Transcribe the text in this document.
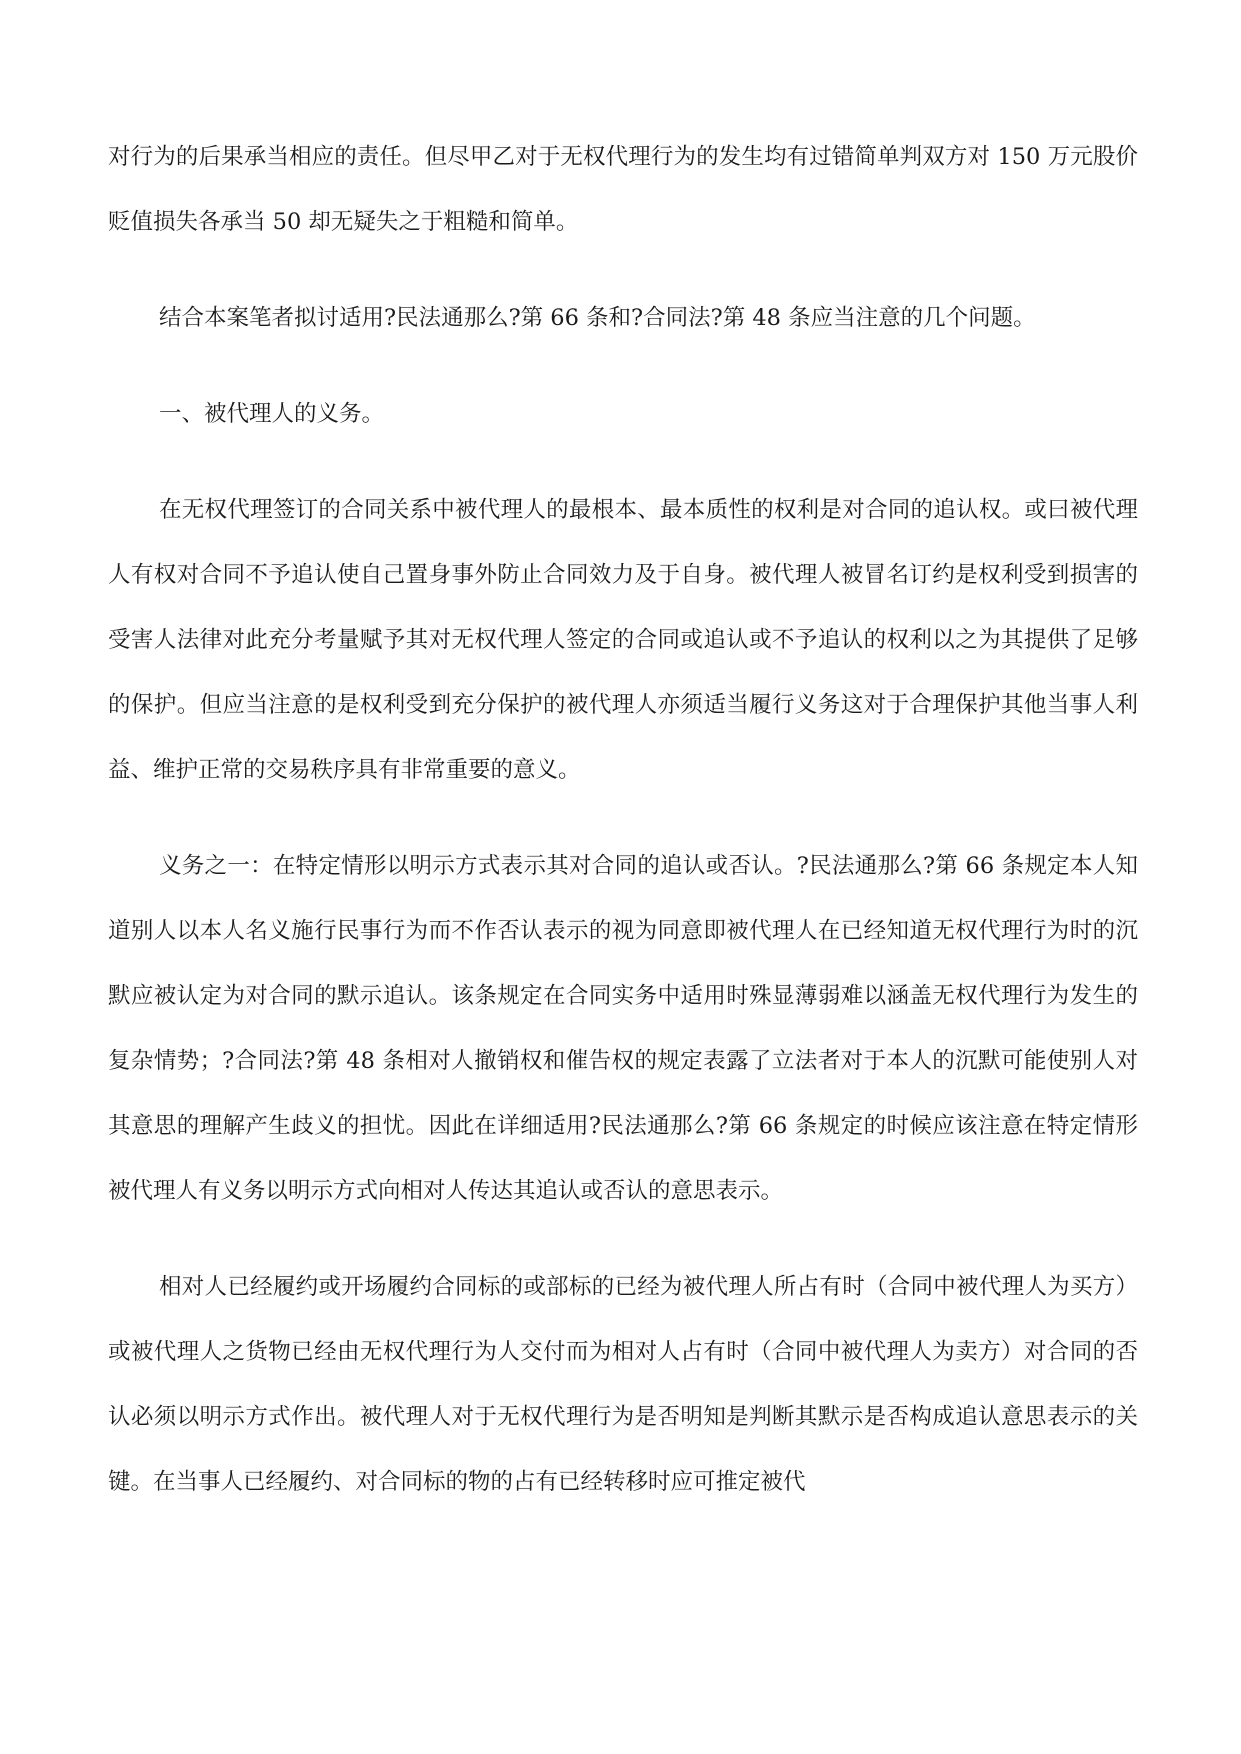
对行为的后果承当相应的责任。但尽甲乙对于无权代理行为的发生均有过错简单判双方对 150 万元股价贬值损失各承当 50 却无疑失之于粗糙和简单。

结合本案笔者拟讨适用?民法通那么?第 66 条和?合同法?第 48 条应当注意的几个问题。

一、被代理人的义务。

在无权代理签订的合同关系中被代理人的最根本、最本质性的权利是对合同的追认权。或曰被代理人有权对合同不予追认使自己置身事外防止合同效力及于自身。被代理人被冒名订约是权利受到损害的受害人法律对此充分考量赋予其对无权代理人签定的合同或追认或不予追认的权利以之为其提供了足够的保护。但应当注意的是权利受到充分保护的被代理人亦须适当履行义务这对于合理保护其他当事人利益、维护正常的交易秩序具有非常重要的意义。

义务之一：在特定情形以明示方式表示其对合同的追认或否认。?民法通那么?第 66 条规定本人知道别人以本人名义施行民事行为而不作否认表示的视为同意即被代理人在已经知道无权代理行为时的沉默应被认定为对合同的默示追认。该条规定在合同实务中适用时殊显薄弱难以涵盖无权代理行为发生的复杂情势；?合同法?第 48 条相对人撤销权和催告权的规定表露了立法者对于本人的沉默可能使别人对其意思的理解产生歧义的担忧。因此在详细适用?民法通那么?第 66 条规定的时候应该注意在特定情形被代理人有义务以明示方式向相对人传达其追认或否认的意思表示。

相对人已经履约或开场履约合同标的或部标的已经为被代理人所占有时（合同中被代理人为买方）或被代理人之货物已经由无权代理行为人交付而为相对人占有时（合同中被代理人为卖方）对合同的否认必须以明示方式作出。被代理人对于无权代理行为是否明知是判断其默示是否构成追认意思表示的关键。在当事人已经履约、对合同标的物的占有已经转移时应可推定被代
